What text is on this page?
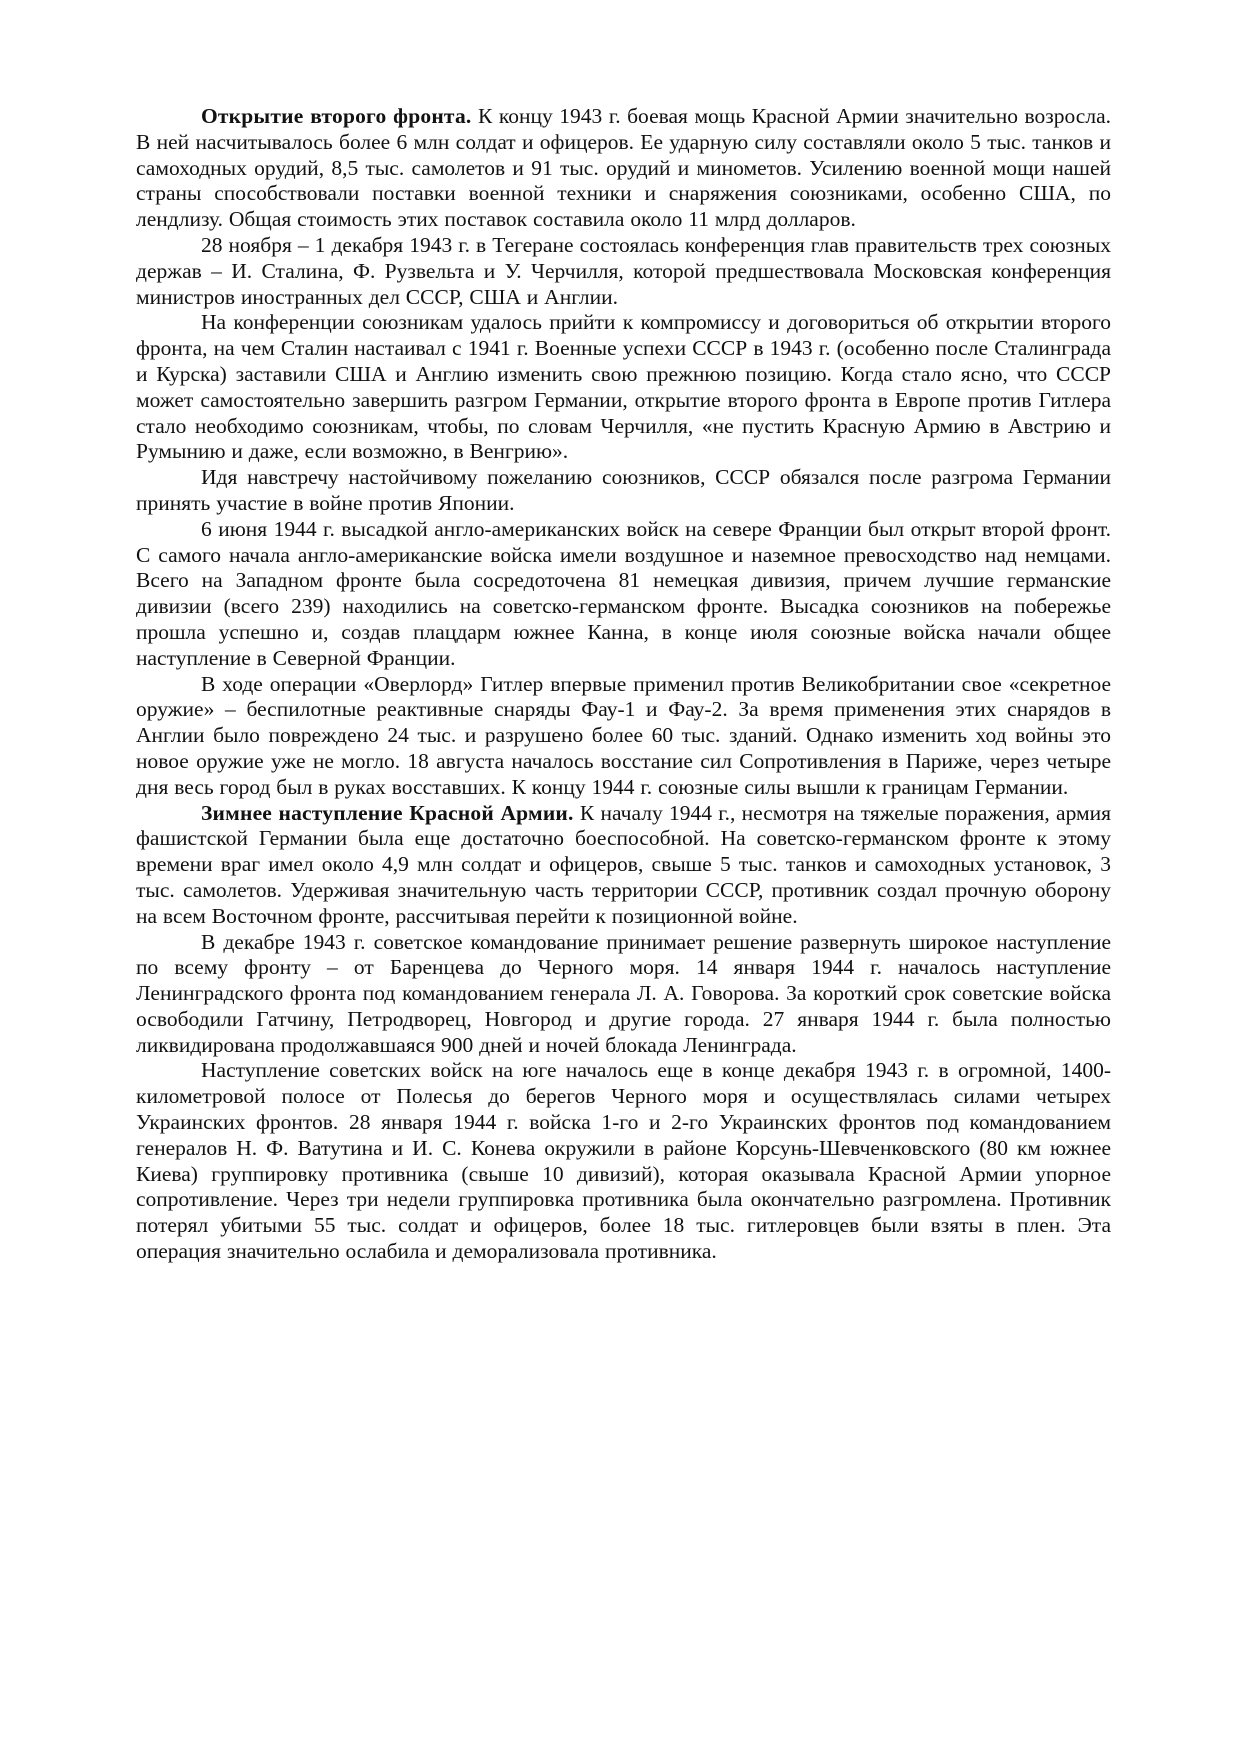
Открытие второго фронта. К концу 1943 г. боевая мощь Красной Армии значительно возросла. В ней насчитывалось более 6 млн солдат и офицеров. Ее ударную силу составляли около 5 тыс. танков и самоходных орудий, 8,5 тыс. самолетов и 91 тыс. орудий и минометов. Усилению военной мощи нашей страны способствовали поставки военной техники и снаряжения союзниками, особенно США, по лендлизу. Общая стоимость этих поставок составила около 11 млрд долларов.

28 ноября – 1 декабря 1943 г. в Тегеране состоялась конференция глав правительств трех союзных держав – И. Сталина, Ф. Рузвельта и У. Черчилля, которой предшествовала Московская конференция министров иностранных дел СССР, США и Англии.

На конференции союзникам удалось прийти к компромиссу и договориться об открытии второго фронта, на чем Сталин настаивал с 1941 г. Военные успехи СССР в 1943 г. (особенно после Сталинграда и Курска) заставили США и Англию изменить свою прежнюю позицию. Когда стало ясно, что СССР может самостоятельно завершить разгром Германии, открытие второго фронта в Европе против Гитлера стало необходимо союзникам, чтобы, по словам Черчилля, «не пустить Красную Армию в Австрию и Румынию и даже, если возможно, в Венгрию».

Идя навстречу настойчивому пожеланию союзников, СССР обязался после разгрома Германии принять участие в войне против Японии.

6 июня 1944 г. высадкой англо-американских войск на севере Франции был открыт второй фронт. С самого начала англо-американские войска имели воздушное и наземное превосходство над немцами. Всего на Западном фронте была сосредоточена 81 немецкая дивизия, причем лучшие германские дивизии (всего 239) находились на советско-германском фронте. Высадка союзников на побережье прошла успешно и, создав плацдарм южнее Канна, в конце июля союзные войска начали общее наступление в Северной Франции.

В ходе операции «Оверлорд» Гитлер впервые применил против Великобритании свое «секретное оружие» – беспилотные реактивные снаряды Фау-1 и Фау-2. За время применения этих снарядов в Англии было повреждено 24 тыс. и разрушено более 60 тыс. зданий. Однако изменить ход войны это новое оружие уже не могло. 18 августа началось восстание сил Сопротивления в Париже, через четыре дня весь город был в руках восставших. К концу 1944 г. союзные силы вышли к границам Германии.

Зимнее наступление Красной Армии. К началу 1944 г., несмотря на тяжелые поражения, армия фашистской Германии была еще достаточно боеспособной. На советско-германском фронте к этому времени враг имел около 4,9 млн солдат и офицеров, свыше 5 тыс. танков и самоходных установок, 3 тыс. самолетов. Удерживая значительную часть территории СССР, противник создал прочную оборону на всем Восточном фронте, рассчитывая перейти к позиционной войне.

В декабре 1943 г. советское командование принимает решение развернуть широкое наступление по всему фронту – от Баренцева до Черного моря. 14 января 1944 г. началось наступление Ленинградского фронта под командованием генерала Л. А. Говорова. За короткий срок советские войска освободили Гатчину, Петродворец, Новгород и другие города. 27 января 1944 г. была полностью ликвидирована продолжавшаяся 900 дней и ночей блокада Ленинграда.

Наступление советских войск на юге началось еще в конце декабря 1943 г. в огромной, 1400-километровой полосе от Полесья до берегов Черного моря и осуществлялась силами четырех Украинских фронтов. 28 января 1944 г. войска 1-го и 2-го Украинских фронтов под командованием генералов Н. Ф. Ватутина и И. С. Конева окружили в районе Корсунь-Шевченковского (80 км южнее Киева) группировку противника (свыше 10 дивизий), которая оказывала Красной Армии упорное сопротивление. Через три недели группировка противника была окончательно разгромлена. Противник потерял убитыми 55 тыс. солдат и офицеров, более 18 тыс. гитлеровцев были взяты в плен. Эта операция значительно ослабила и деморализовала противника.
